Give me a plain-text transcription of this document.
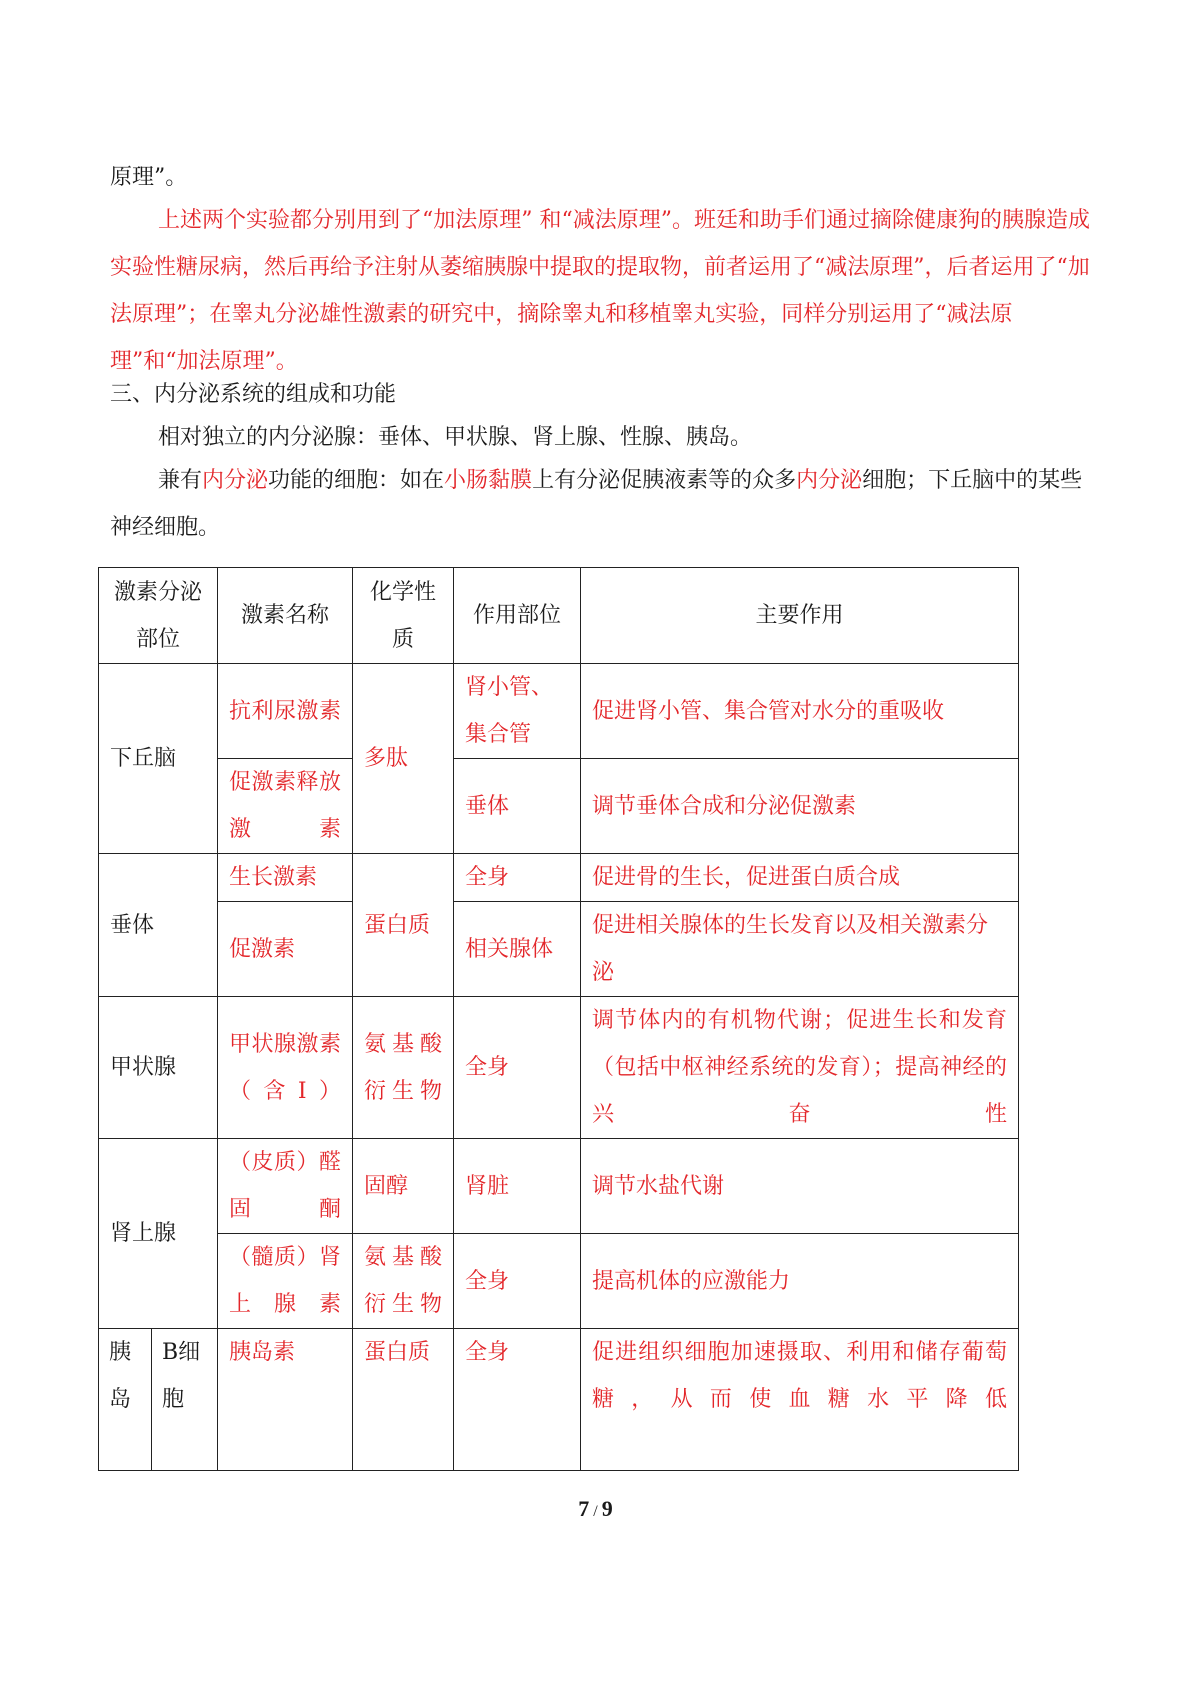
原理”。

上述两个实验都分别用到了“加法原理” 和“减法原理”。班廷和助手们通过摘除健康狗的胰腺造成实验性糖尿病，然后再给予注射从萎缩胰腺中提取的提取物，前者运用了“减法原理”，后者运用了“加法原理”；在睾丸分泌雄性激素的研究中，摘除睾丸和移植睾丸实验，同样分别运用了“减法原理”和“加法原理”。

三、内分泌系统的组成和功能

相对独立的内分泌腺：垂体、甲状腺、肾上腺、性腺、胰岛。

兼有内分泌功能的细胞：如在小肠黏膜上有分泌促胰液素等的众多内分泌细胞；下丘脑中的某些神经细胞。

激素分泌部位		激素名称	化学性质	作用部位	主要作用
下丘脑		抗利尿激素	多肽	肾小管、集合管	促进肾小管、集合管对水分的重吸收
		促激素释放激素		垂体	调节垂体合成和分泌促激素
垂体		生长激素	蛋白质	全身	促进骨的生长，促进蛋白质合成
		促激素		相关腺体	促进相关腺体的生长发育以及相关激素分泌
甲状腺		甲状腺激素（含I）	氨基酸衍生物	全身	调节体内的有机物代谢；促进生长和发育（包括中枢神经系统的发育）；提高神经的兴奋性
肾上腺		（皮质）醛固酮	固醇	肾脏	调节水盐代谢
		（髓质）肾上腺素	氨基酸衍生物	全身	提高机体的应激能力
胰岛	B细胞	胰岛素	蛋白质	全身	促进组织细胞加速摄取、利用和储存葡萄糖，从而使血糖水平降低
7 / 9
